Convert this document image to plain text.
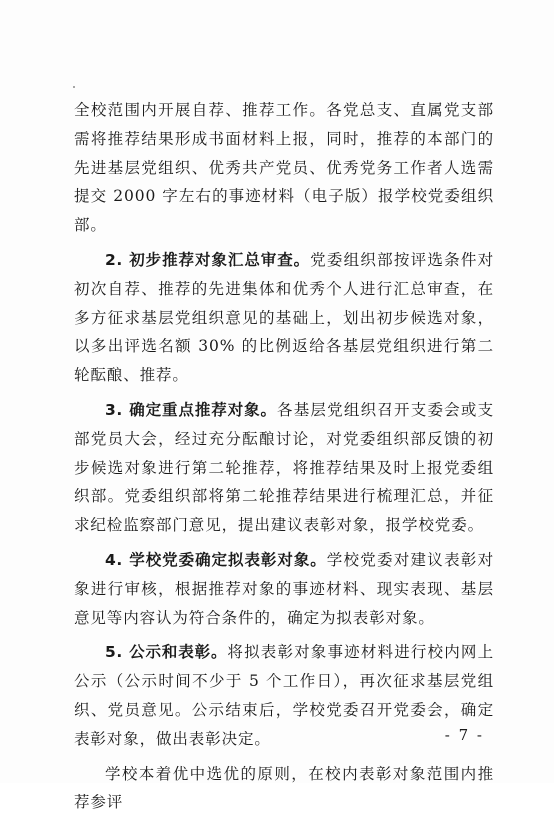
全校范围内开展自荐、推荐工作。各党总支、直属党支部需将推荐结果形成书面材料上报，同时，推荐的本部门的先进基层党组织、优秀共产党员、优秀党务工作者人选需提交 2000 字左右的事迹材料（电子版）报学校党委组织部。

2. 初步推荐对象汇总审查。党委组织部按评选条件对初次自荐、推荐的先进集体和优秀个人进行汇总审查，在多方征求基层党组织意见的基础上，划出初步候选对象，以多出评选名额 30% 的比例返给各基层党组织进行第二轮酝酿、推荐。

3. 确定重点推荐对象。各基层党组织召开支委会或支部党员大会，经过充分酝酿讨论，对党委组织部反馈的初步候选对象进行第二轮推荐，将推荐结果及时上报党委组织部。党委组织部将第二轮推荐结果进行梳理汇总，并征求纪检监察部门意见，提出建议表彰对象，报学校党委。

4. 学校党委确定拟表彰对象。学校党委对建议表彰对象进行审核，根据推荐对象的事迹材料、现实表现、基层意见等内容认为符合条件的，确定为拟表彰对象。

5. 公示和表彰。将拟表彰对象事迹材料进行校内网上公示（公示时间不少于 5 个工作日），再次征求基层党组织、党员意见。公示结束后，学校党委召开党委会，确定表彰对象，做出表彰决定。

学校本着优中选优的原则，在校内表彰对象范围内推荐参评

- 7 -
